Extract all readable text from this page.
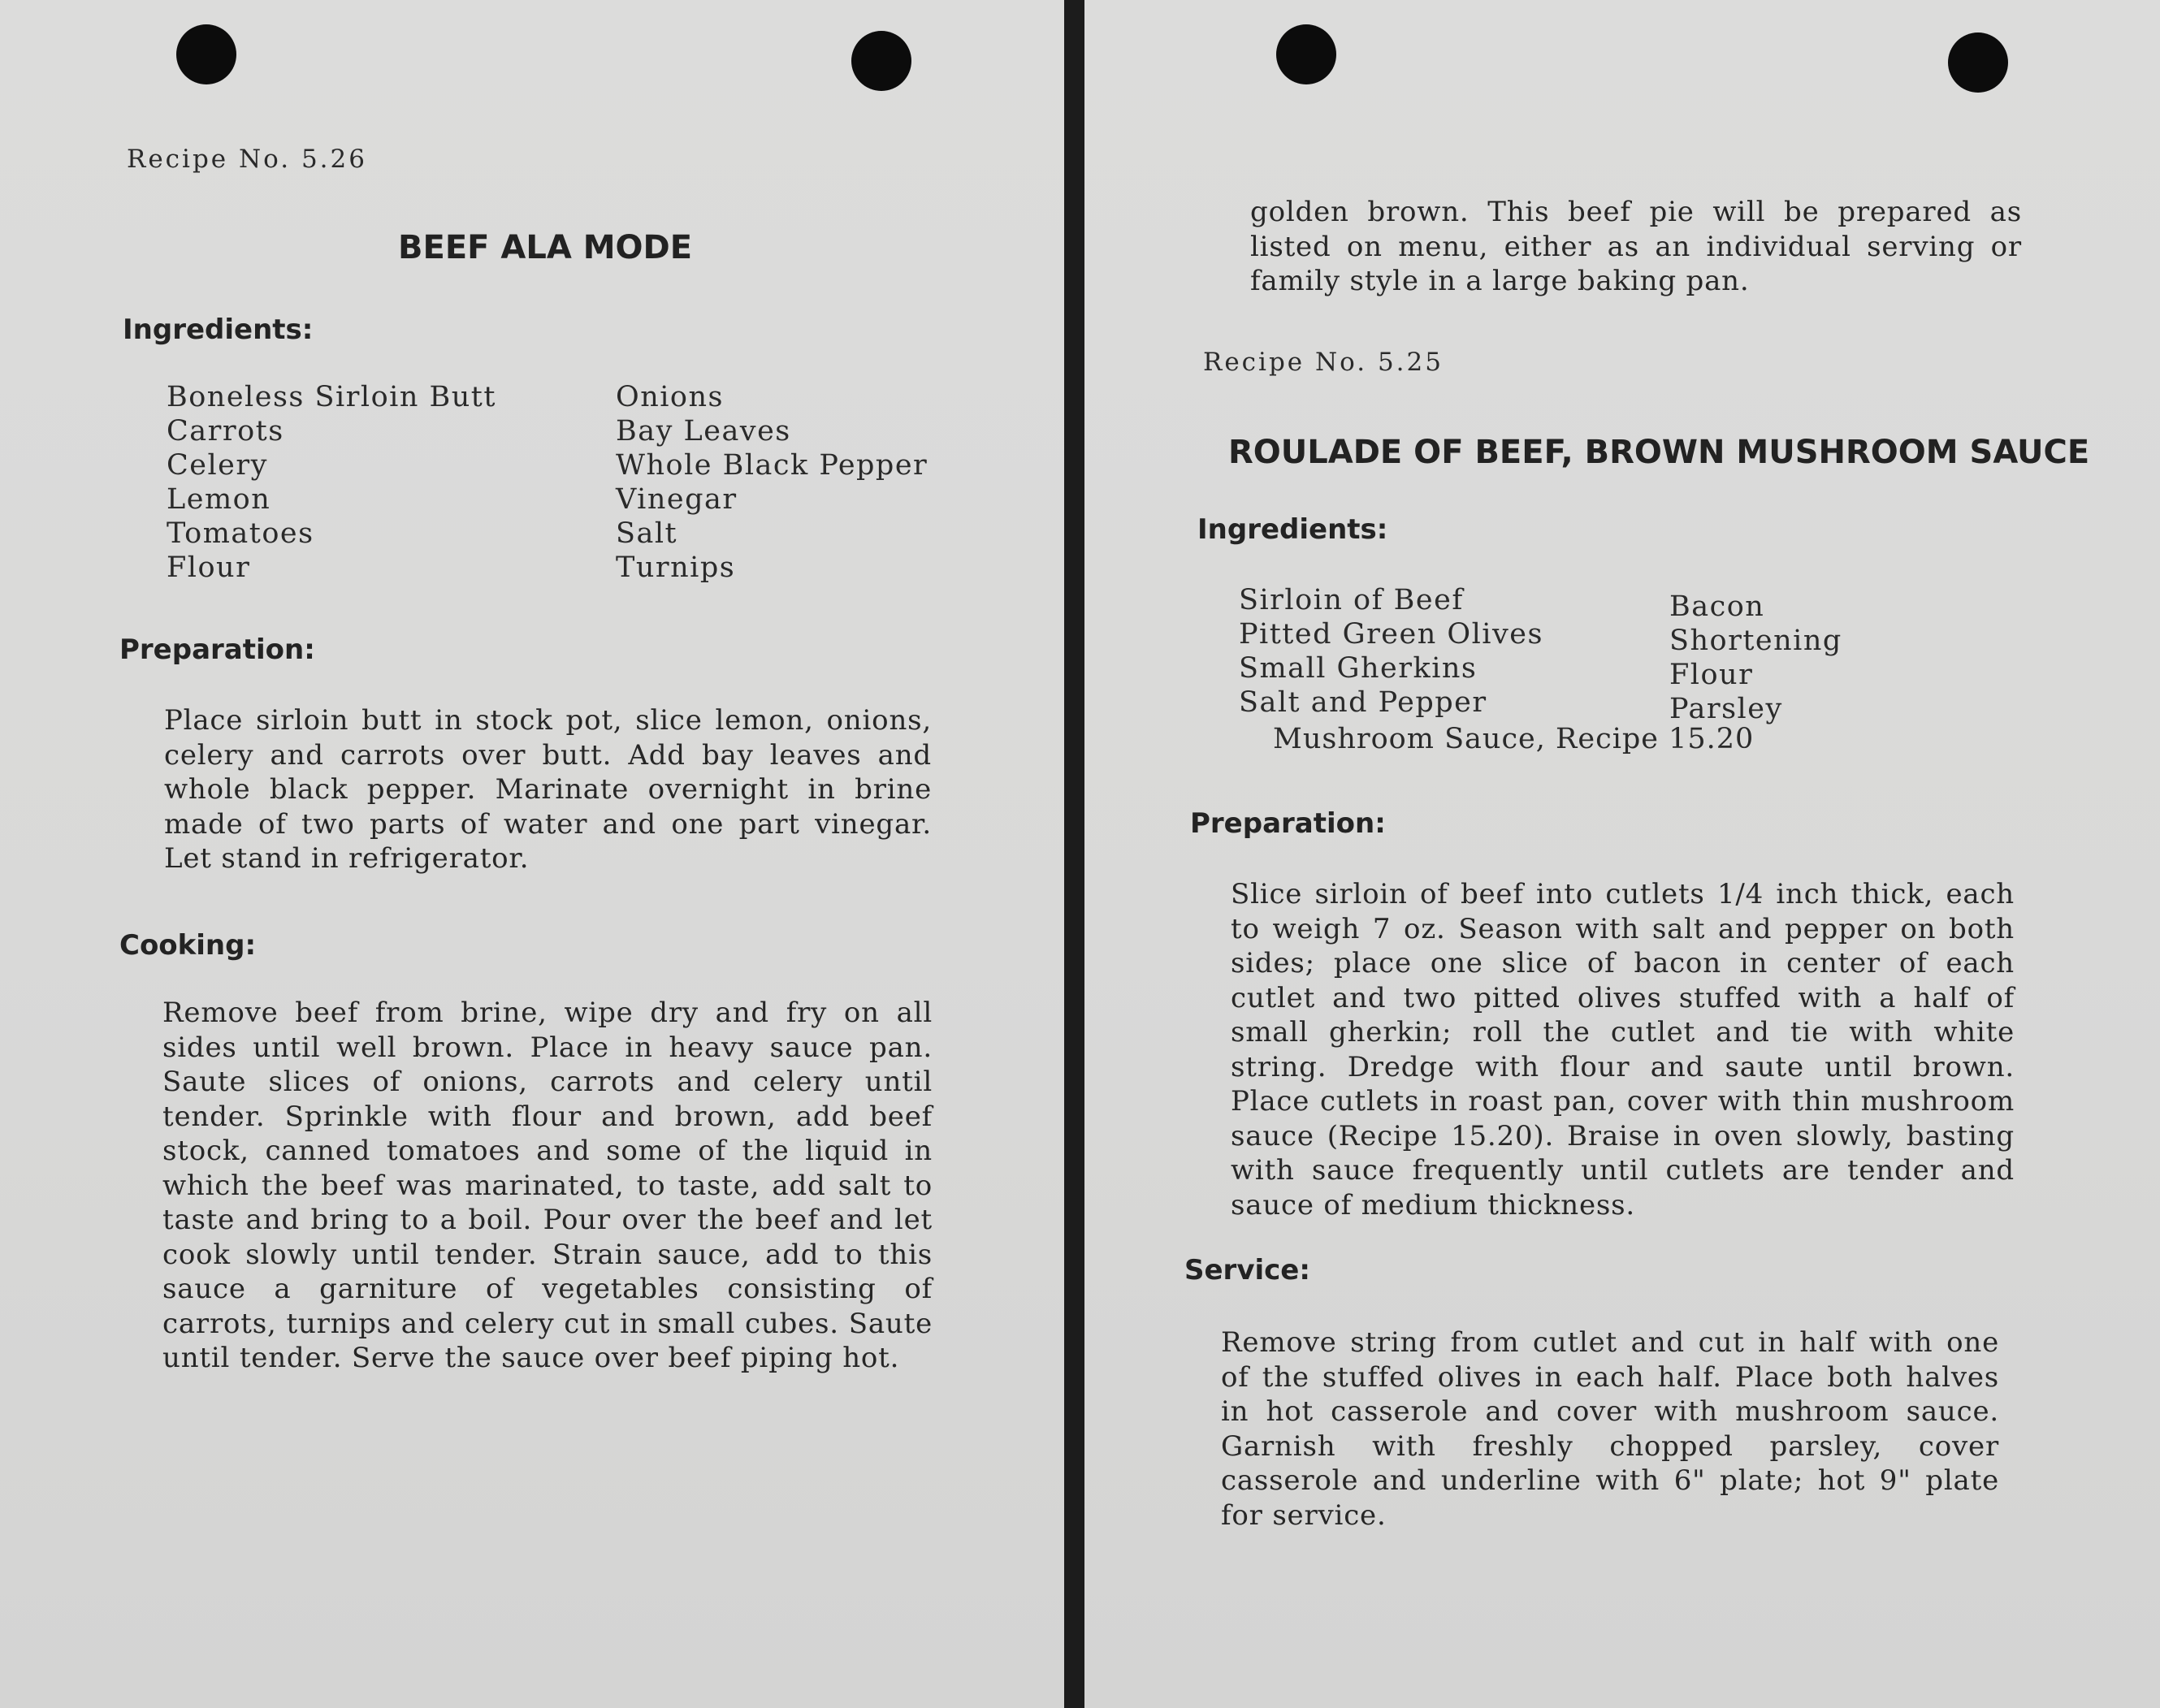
Recipe No. 5.26
BEEF ALA MODE
Ingredients:
Boneless Sirloin Butt
Carrots
Celery
Lemon
Tomatoes
Flour
Onions
Bay Leaves
Whole Black Pepper
Vinegar
Salt
Turnips
Preparation:

Place sirloin butt in stock pot, slice lemon, onions, celery and carrots over butt. Add bay leaves and whole black pepper. Marinate overnight in brine made of two parts of water and one part vinegar. Let stand in refrigerator.

Cooking:

Remove beef from brine, wipe dry and fry on all sides until well brown. Place in heavy sauce pan. Saute slices of onions, carrots and celery until tender. Sprinkle with flour and brown, add beef stock, canned tomatoes and some of the liquid in which the beef was marinated, to taste, add salt to taste and bring to a boil. Pour over the beef and let cook slowly until tender. Strain sauce, add to this sauce a garniture of vegetables consisting of carrots, turnips and celery cut in small cubes. Saute until tender. Serve the sauce over beef piping hot.

golden brown. This beef pie will be prepared as listed on menu, either as an individual serving or family style in a large baking pan.

Recipe No. 5.25
ROULADE OF BEEF, BROWN MUSHROOM SAUCE
Ingredients:
Sirloin of Beef
Pitted Green Olives
Small Gherkins
Salt and Pepper
Bacon
Shortening
Flour
Parsley
Mushroom Sauce, Recipe 15.20
Preparation:

Slice sirloin of beef into cutlets 1/4 inch thick, each to weigh 7 oz. Season with salt and pepper on both sides; place one slice of bacon in center of each cutlet and two pitted olives stuffed with a half of small gherkin; roll the cutlet and tie with white string. Dredge with flour and saute until brown. Place cutlets in roast pan, cover with thin mushroom sauce (Recipe 15.20). Braise in oven slowly, basting with sauce frequently until cutlets are tender and sauce of medium thickness.

Service:

Remove string from cutlet and cut in half with one of the stuffed olives in each half. Place both halves in hot casserole and cover with mushroom sauce. Garnish with freshly chopped parsley, cover casserole and underline with 6" plate; hot 9" plate for service.
